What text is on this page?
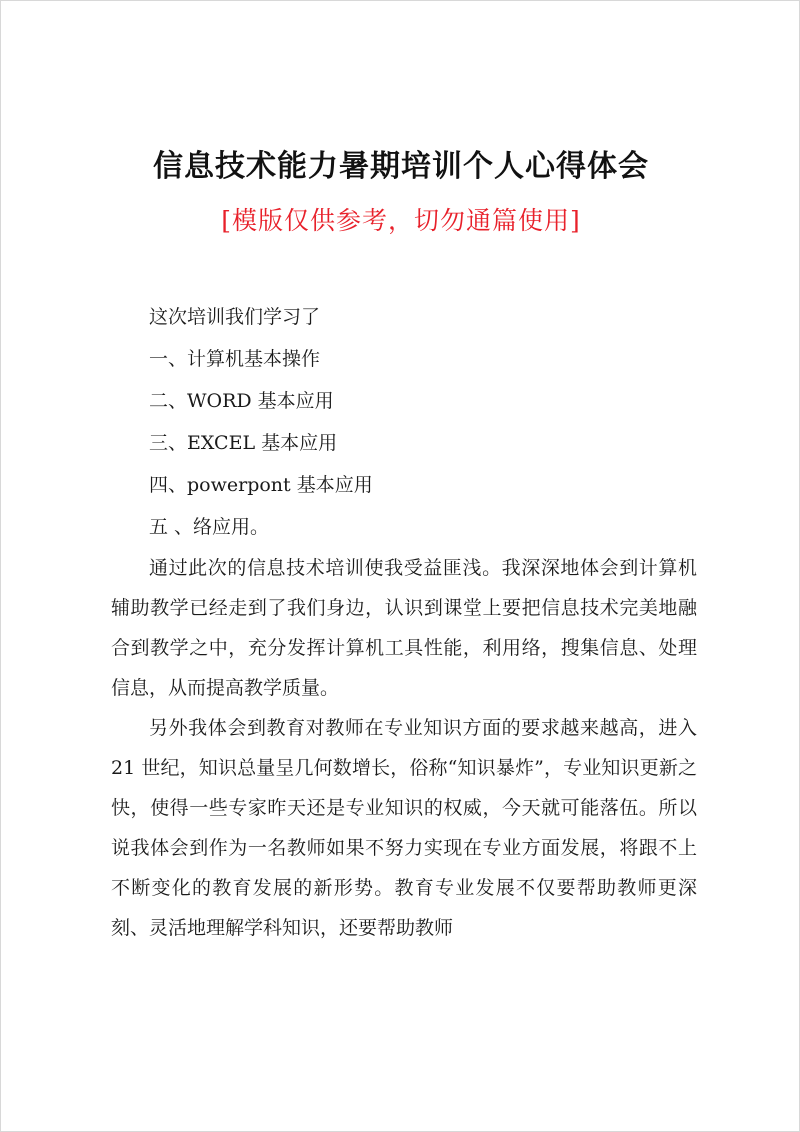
信息技术能力暑期培训个人心得体会
[模版仅供参考，切勿通篇使用]
这次培训我们学习了
一、计算机基本操作
二、WORD 基本应用
三、EXCEL 基本应用
四、powerpont 基本应用
五 、络应用。

通过此次的信息技术培训使我受益匪浅。我深深地体会到计算机辅助教学已经走到了我们身边，认识到课堂上要把信息技术完美地融合到教学之中，充分发挥计算机工具性能，利用络，搜集信息、处理信息，从而提高教学质量。

另外我体会到教育对教师在专业知识方面的要求越来越高，进入 21 世纪，知识总量呈几何数增长，俗称“知识暴炸”，专业知识更新之快，使得一些专家昨天还是专业知识的权威，今天就可能落伍。所以说我体会到作为一名教师如果不努力实现在专业方面发展，将跟不上不断变化的教育发展的新形势。教育专业发展不仅要帮助教师更深刻、灵活地理解学科知识，还要帮助教师
